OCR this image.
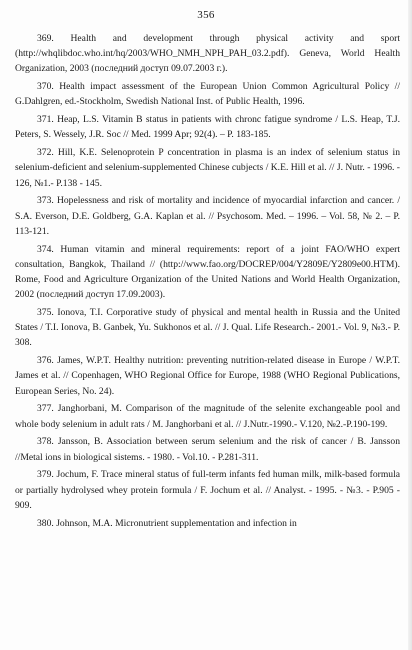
356

369. Health and development through physical activity and sport (http://whqlibdoc.who.int/hq/2003/WHO_NMH_NPH_PAH_03.2.pdf). Geneva, World Health Organization, 2003 (последний доступ 09.07.2003 г.).

370. Health impact assessment of the European Union Common Agricultural Policy // G.Dahlgren, ed.-Stockholm, Swedish National Inst. of Public Health, 1996.

371. Heap, L.S. Vitamin B status in patients with chronc fatigue syndrome / L.S. Heap, T.J. Peters, S. Wessely, J.R. Soc // Med. 1999 Apr; 92(4). – P. 183-185.

372. Hill, K.E. Selenoprotein P concentration in plasma is an index of selenium status in selenium-deficient and selenium-supplemented Chinese cubjects / K.E. Hill et al. // J. Nutr. - 1996. - 126, №1.- P.138 - 145.

373. Hopelessness and risk of mortality and incidence of myocardial infarction and cancer. / S.A. Everson, D.E. Goldberg, G.A. Kaplan et al. // Psychosom. Med. – 1996. – Vol. 58, № 2. – P. 113-121.

374. Human vitamin and mineral requirements: report of a joint FAO/WHO expert consultation, Bangkok, Thailand // (http://www.fao.org/DOCREP/004/Y2809E/Y2809e00.HTM). Rome, Food and Agriculture Organization of the United Nations and World Health Organization, 2002 (последний доступ 17.09.2003).

375. Ionova, T.I. Corporative study of physical and mental health in Russia and the United States / T.I. Ionova, B. Ganbek, Yu. Sukhonos et al. // J. Qual. Life Research.- 2001.- Vol. 9, №3.- P. 308.

376. James, W.P.T. Healthy nutrition: preventing nutrition-related disease in Europe / W.P.T. James et al. // Copenhagen, WHO Regional Office for Europe, 1988 (WHO Regional Publications, European Series, No. 24).

377. Janghorbani, M. Comparison of the magnitude of the selenite exchangeable pool and whole body selenium in adult rats / M. Janghorbani et al. // J.Nutr.-1990.- V.120, №2.-P.190-199.

378. Jansson, B. Association between serum selenium and the risk of cancer / B. Jansson //Metal ions in biological sistems. - 1980. - Vol.10. - P.281-311.

379. Jochum, F. Trace mineral status of full-term infants fed human milk, milk-based formula or partially hydrolysed whey protein formula / F. Jochum et al. // Analyst. - 1995. - №3. - P.905 - 909.

380. Johnson, M.A. Micronutrient supplementation and infection in
